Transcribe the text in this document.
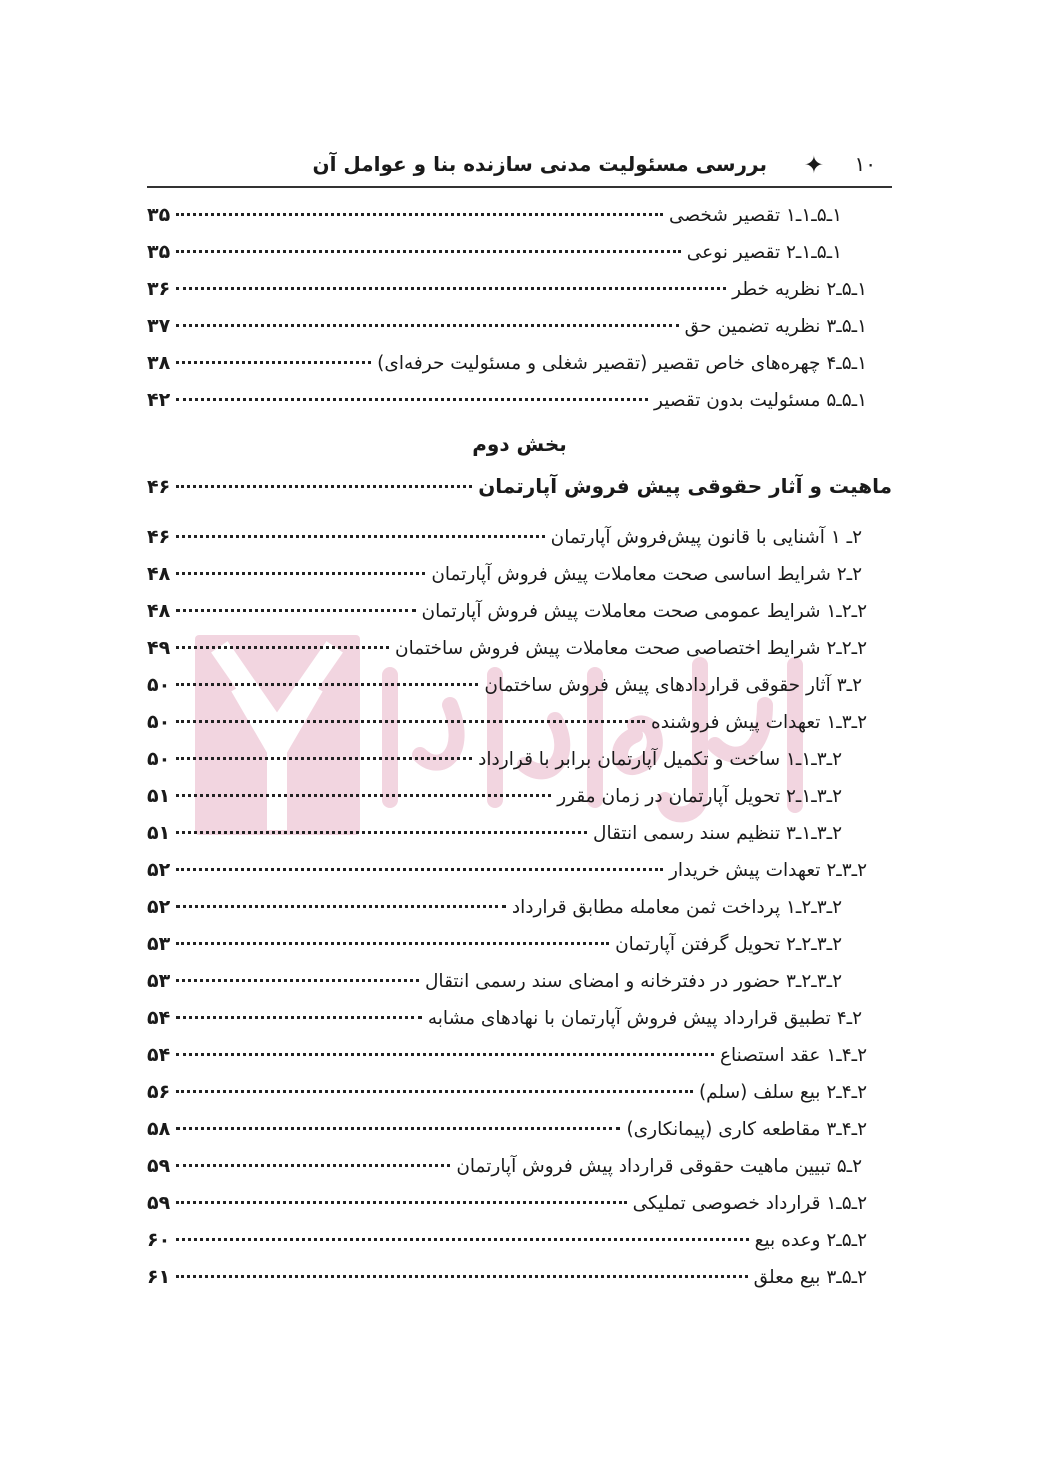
۱۰
✦
بررسی مسئولیت مدنی سازنده بنا و عوامل آن
۱ـ۵ـ۱ـ۱ تقصیر شخصی
۳۵
۱ـ۵ـ۱ـ۲ تقصیر نوعی
۳۵
۱ـ۵ـ۲ نظریه خطر
۳۶
۱ـ۵ـ۳ نظریه تضمین حق
۳۷
۱ـ۵ـ۴ چهره‌های خاص تقصیر (تقصیر شغلی و مسئولیت حرفه‌ای)
۳۸
۱ـ۵ـ۵ مسئولیت بدون تقصیر
۴۲
بخش دوم
ماهیت و آثار حقوقی پیش فروش آپارتمان
۴۶
۲ـ ۱ آشنایی با قانون پیش‌فروش آپارتمان
۴۶
۲ـ۲ شرایط اساسی صحت معاملات پیش فروش آپارتمان
۴۸
۲ـ۲ـ۱ شرایط عمومی صحت معاملات پیش فروش آپارتمان
۴۸
۲ـ۲ـ۲ شرایط اختصاصی صحت معاملات پیش فروش ساختمان
۴۹
۲ـ۳ آثار حقوقی قراردادهای پیش فروش ساختمان
۵۰
۲ـ۳ـ۱ تعهدات پیش فروشنده
۵۰
۲ـ۳ـ۱ـ۱ ساخت و تکمیل آپارتمان برابر با قرارداد
۵۰
۲ـ۳ـ۱ـ۲ تحویل آپارتمان در زمان مقرر
۵۱
۲ـ۳ـ۱ـ۳ تنظیم سند رسمی انتقال
۵۱
۲ـ۳ـ۲ تعهدات پیش خریدار
۵۲
۲ـ۳ـ۲ـ۱ پرداخت ثمن معامله مطابق قرارداد
۵۲
۲ـ۳ـ۲ـ۲ تحویل گرفتن آپارتمان
۵۳
۲ـ۳ـ۲ـ۳ حضور در دفترخانه و امضای سند رسمی انتقال
۵۳
۲ـ۴ تطبیق قرارداد پیش فروش آپارتمان با نهادهای مشابه
۵۴
۲ـ۴ـ۱ عقد استصناع
۵۴
۲ـ۴ـ۲ بیع سلف (سلم)
۵۶
۲ـ۴ـ۳ مقاطعه کاری (پیمانکاری)
۵۸
۲ـ۵ تبیین ماهیت حقوقی قرارداد پیش فروش آپارتمان
۵۹
۲ـ۵ـ۱ قرارداد خصوصی تملیکی
۵۹
۲ـ۵ـ۲ وعده بیع
۶۰
۲ـ۵ـ۳ بیع معلق
۶۱
